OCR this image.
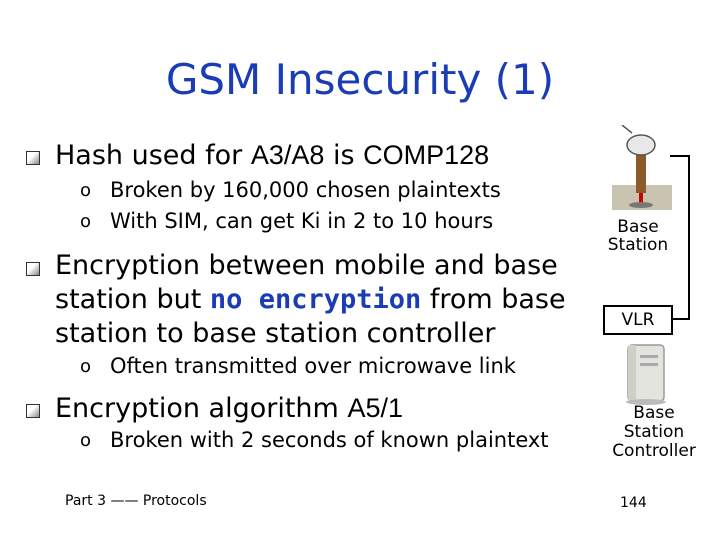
GSM Insecurity (1)
Hash used for A3/A8 is COMP128
o Broken by 160,000 chosen plaintexts
o With SIM, can get Ki in 2 to 10 hours
Encryption between mobile and base
station but no encryption from base
station to base station controller
o Often transmitted over microwave link
Encryption algorithm A5/1
o Broken with 2 seconds of known plaintext
Base
Station
VLR
Base
Station
Controller
Part 3 —— Protocols	144
